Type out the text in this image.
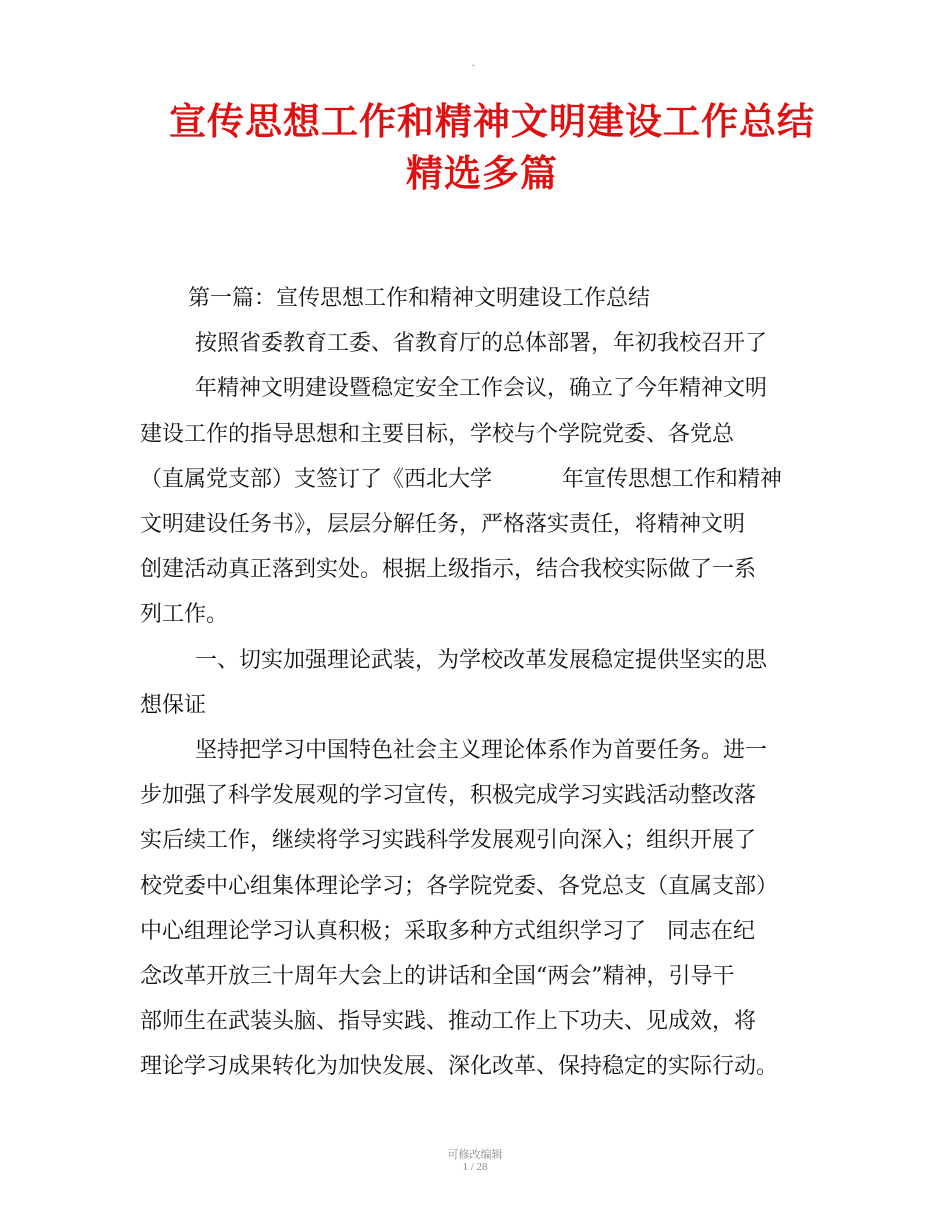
.
宣传思想工作和精神文明建设工作总结
精选多篇
第一篇：宣传思想工作和精神文明建设工作总结
按照省委教育工委、省教育厅的总体部署，年初我校召开了
年精神文明建设暨稳定安全工作会议，确立了今年精神文明
建设工作的指导思想和主要目标，学校与个学院党委、各党总
（直属党支部）支签订了《西北大学          年宣传思想工作和精神
文明建设任务书》，层层分解任务，严格落实责任，将精神文明
创建活动真正落到实处。根据上级指示，结合我校实际做了一系
列工作。
一、切实加强理论武装，为学校改革发展稳定提供坚实的思
想保证
坚持把学习中国特色社会主义理论体系作为首要任务。进一
步加强了科学发展观的学习宣传，积极完成学习实践活动整改落
实后续工作，继续将学习实践科学发展观引向深入；组织开展了
校党委中心组集体理论学习；各学院党委、各党总支（直属支部）
中心组理论学习认真积极；采取多种方式组织学习了   同志在纪
念改革开放三十周年大会上的讲话和全国“两会”精神，引导干
部师生在武装头脑、指导实践、推动工作上下功夫、见成效，将
理论学习成果转化为加快发展、深化改革、保持稳定的实际行动。
可修改编辑
1 / 28
